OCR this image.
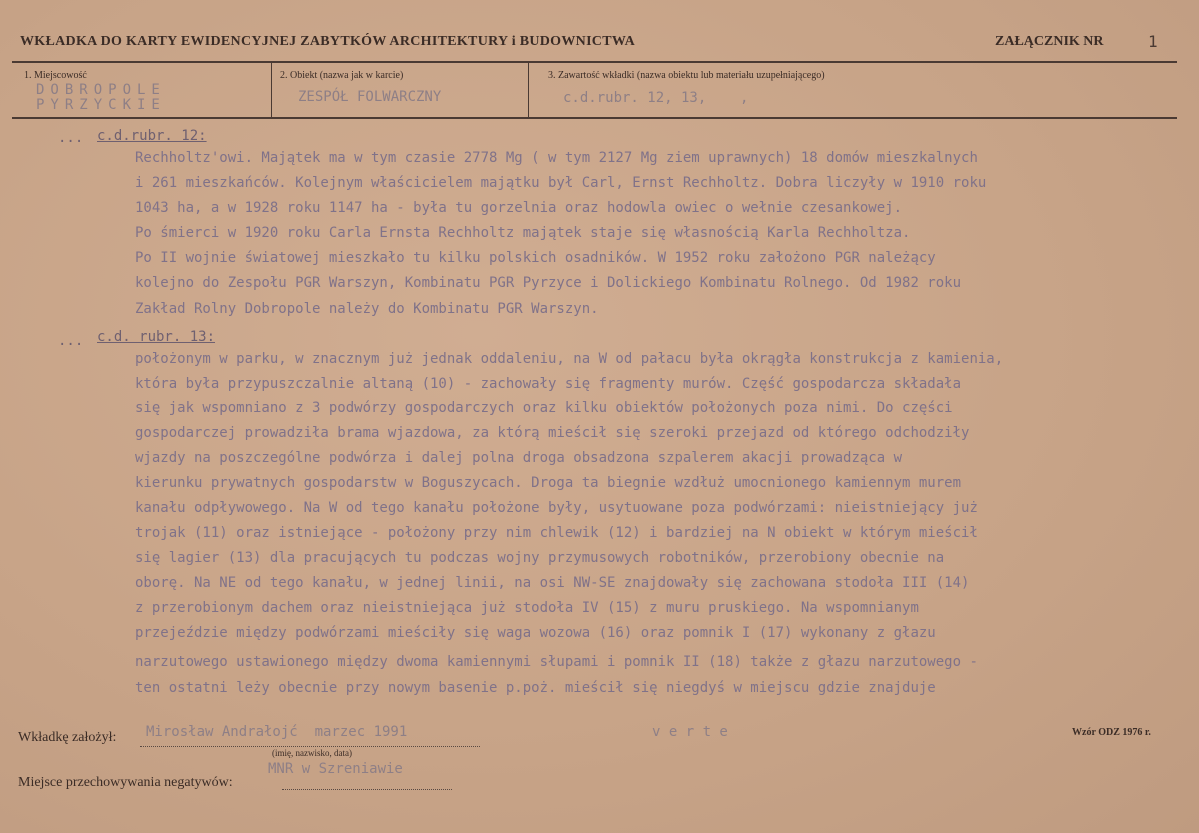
WKŁADKA DO KARTY EWIDENCYJNEJ ZABYTKÓW ARCHITEKTURY i BUDOWNICTWA	ZAŁĄCZNIK NR	1
1. Miejscowość
DOBROPOLE
PYRZYCKIE
2. Obiekt (nazwa jak w karcie)
ZESPÓŁ FOLWARCZNY
3. Zawartość wkładki (nazwa obiektu lub materiału uzupełniającego)
c.d.rubr. 12, 13,    ,
... c.d.rubr. 12:
Rechholtz'owi. Majątek ma w tym czasie 2778 Mg ( w tym 2127 Mg ziem uprawnych) 18 domów mieszkalnych
i 261 mieszkańców. Kolejnym właścicielem majątku był Carl, Ernst Rechholtz. Dobra liczyły w 1910 roku
1043 ha, a w 1928 roku 1147 ha - była tu gorzelnia oraz hodowla owiec o wełnie czesankowej.
Po śmierci w 1920 roku Carla Ernsta Rechholtz majątek staje się własnością Karla Rechholtza.
Po II wojnie światowej mieszkało tu kilku polskich osadników. W 1952 roku założono PGR należący
kolejno do Zespołu PGR Warszyn, Kombinatu PGR Pyrzyce i Dolickiego Kombinatu Rolnego. Od 1982 roku
Zakład Rolny Dobropole należy do Kombinatu PGR Warszyn.
... c.d. rubr. 13:
położonym w parku, w znacznym już jednak oddaleniu, na W od pałacu była okrągła konstrukcja z kamienia,
która była przypuszczalnie altaną (10) - zachowały się fragmenty murów. Część gospodarcza składała
się jak wspomniano z 3 podwórzy gospodarczych oraz kilku obiektów położonych poza nimi. Do części
gospodarczej prowadziła brama wjazdowa, za którą mieścił się szeroki przejazd od którego odchodziły
wjazdy na poszczególne podwórza i dalej polna droga obsadzona szpalerem akacji prowadząca w
kierunku prywatnych gospodarstw w Boguszycach. Droga ta biegnie wzdłuż umocnionego kamiennym murem
kanału odpływowego. Na W od tego kanału położone były, usytuowane poza podwórzami: nieistniejący już
trojak (11) oraz istniejące - położony przy nim chlewik (12) i bardziej na N obiekt w którym mieścił
się lagier (13) dla pracujących tu podczas wojny przymusowych robotników, przerobiony obecnie na
oborę. Na NE od tego kanału, w jednej linii, na osi NW-SE znajdowały się zachowana stodoła III (14)
z przerobionym dachem oraz nieistniejąca już stodoła IV (15) z muru pruskiego. Na wspomnianym
przejeździe między podwórzami mieściły się waga wozowa (16) oraz pomnik I (17) wykonany z głazu
narzutowego ustawionego między dwoma kamiennymi słupami i pomnik II (18) także z głazu narzutowego -
ten ostatni leży obecnie przy nowym basenie p.poż. mieścił się niegdyś w miejscu gdzie znajduje
Wkładkę założył: Mirosław Andrałojć  marzec 1991
(imię, nazwisko, data)
v e r t e	Wzór ODZ 1976 r.
MNR w Szreniawie
Miejsce przechowywania negatywów:
